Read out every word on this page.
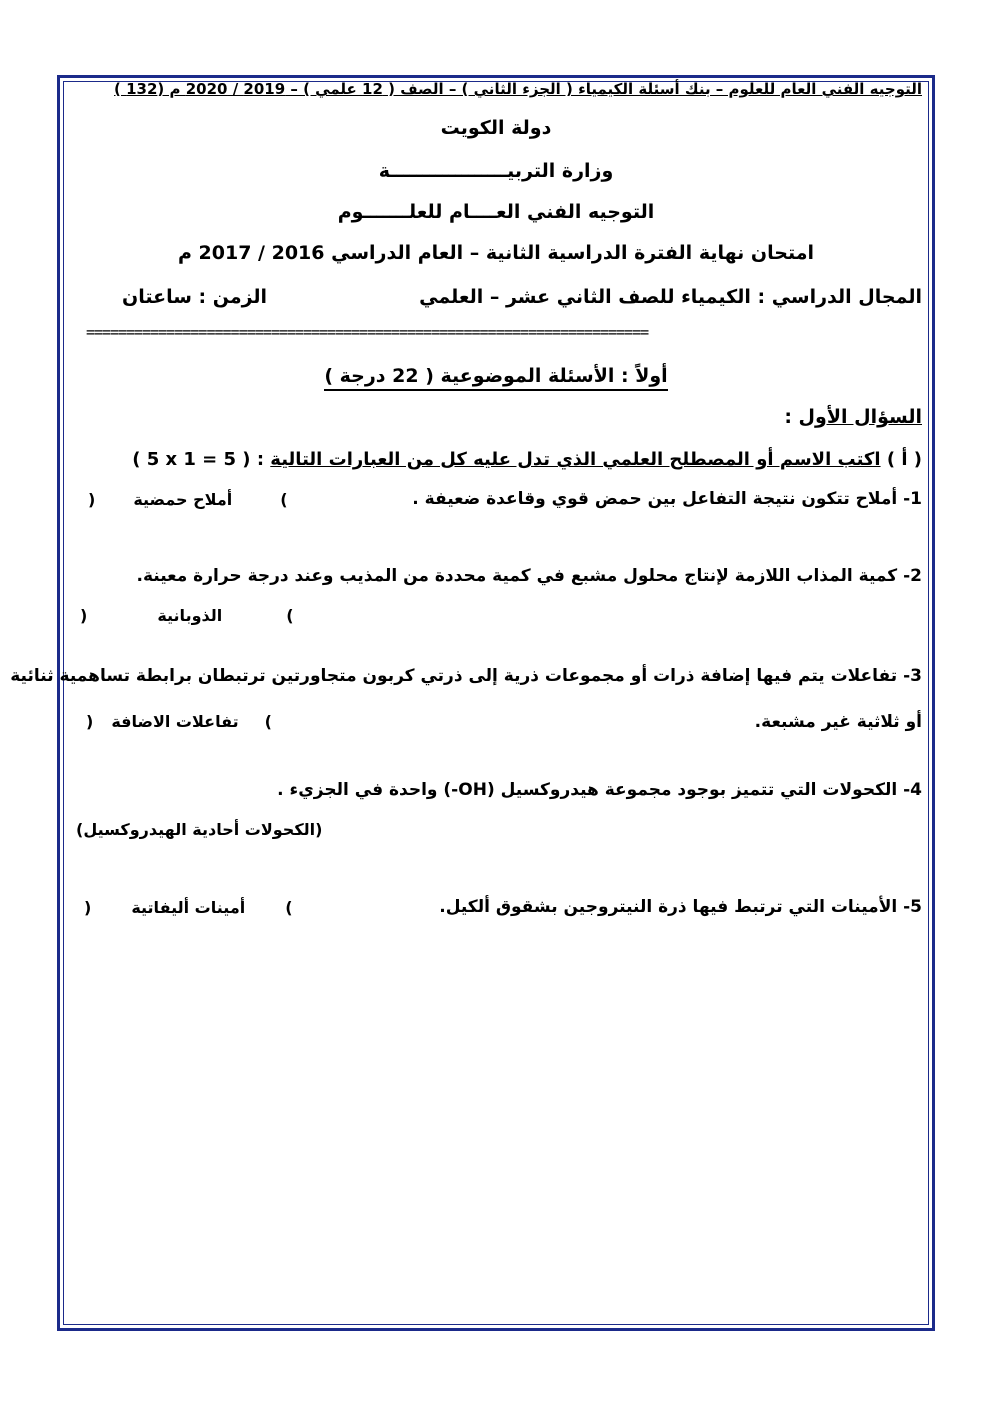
التوجيه الفني العام للعلوم – بنك أسئلة الكيمياء ( الجزء الثاني ) – الصف ( 12 علمي ) – 2019 / 2020 م (132 )
دولة الكويت
وزارة التربيــــــــــــــــــة
التوجيه الفني العــــام للعلـــــــوم
امتحان نهاية الفترة الدراسية الثانية – العام الدراسي 2016 / 2017 م
المجال الدراسي : الكيمياء للصف الثاني عشر – العلمي
الزمن : ساعتان
======================================================================
أولاً : الأسئلة الموضوعية ( 22 درجة )
السؤال الأول :
( أ ) اكتب الاسم أو المصطلح العلمي الذي تدل عليه كل من العبارات التالية : ( 5 x 1 = 5 )
1- أملاح تتكون نتيجة التفاعل بين حمض قوي وقاعدة ضعيفة .
) أملاح حمضية	(
2- كمية المذاب اللازمة لإنتاج محلول مشبع في كمية محددة من المذيب وعند درجة حرارة معينة.
)	الذوبانية	(
3- تفاعلات يتم فيها إضافة ذرات أو مجموعات ذرية إلى ذرتي كربون متجاورتين ترتبطان برابطة تساهمية ثنائية
أو ثلاثية غير مشبعة.
) تفاعلات الاضافة (
4- الكحولات التي تتميز بوجود مجموعة هيدروكسيل (OH-) واحدة في الجزيء .
(الكحولات أحادية الهيدروكسيل)
5- الأمينات التي ترتبط فيها ذرة النيتروجين بشقوق ألكيل.
)	أمينات أليفاتية	(
